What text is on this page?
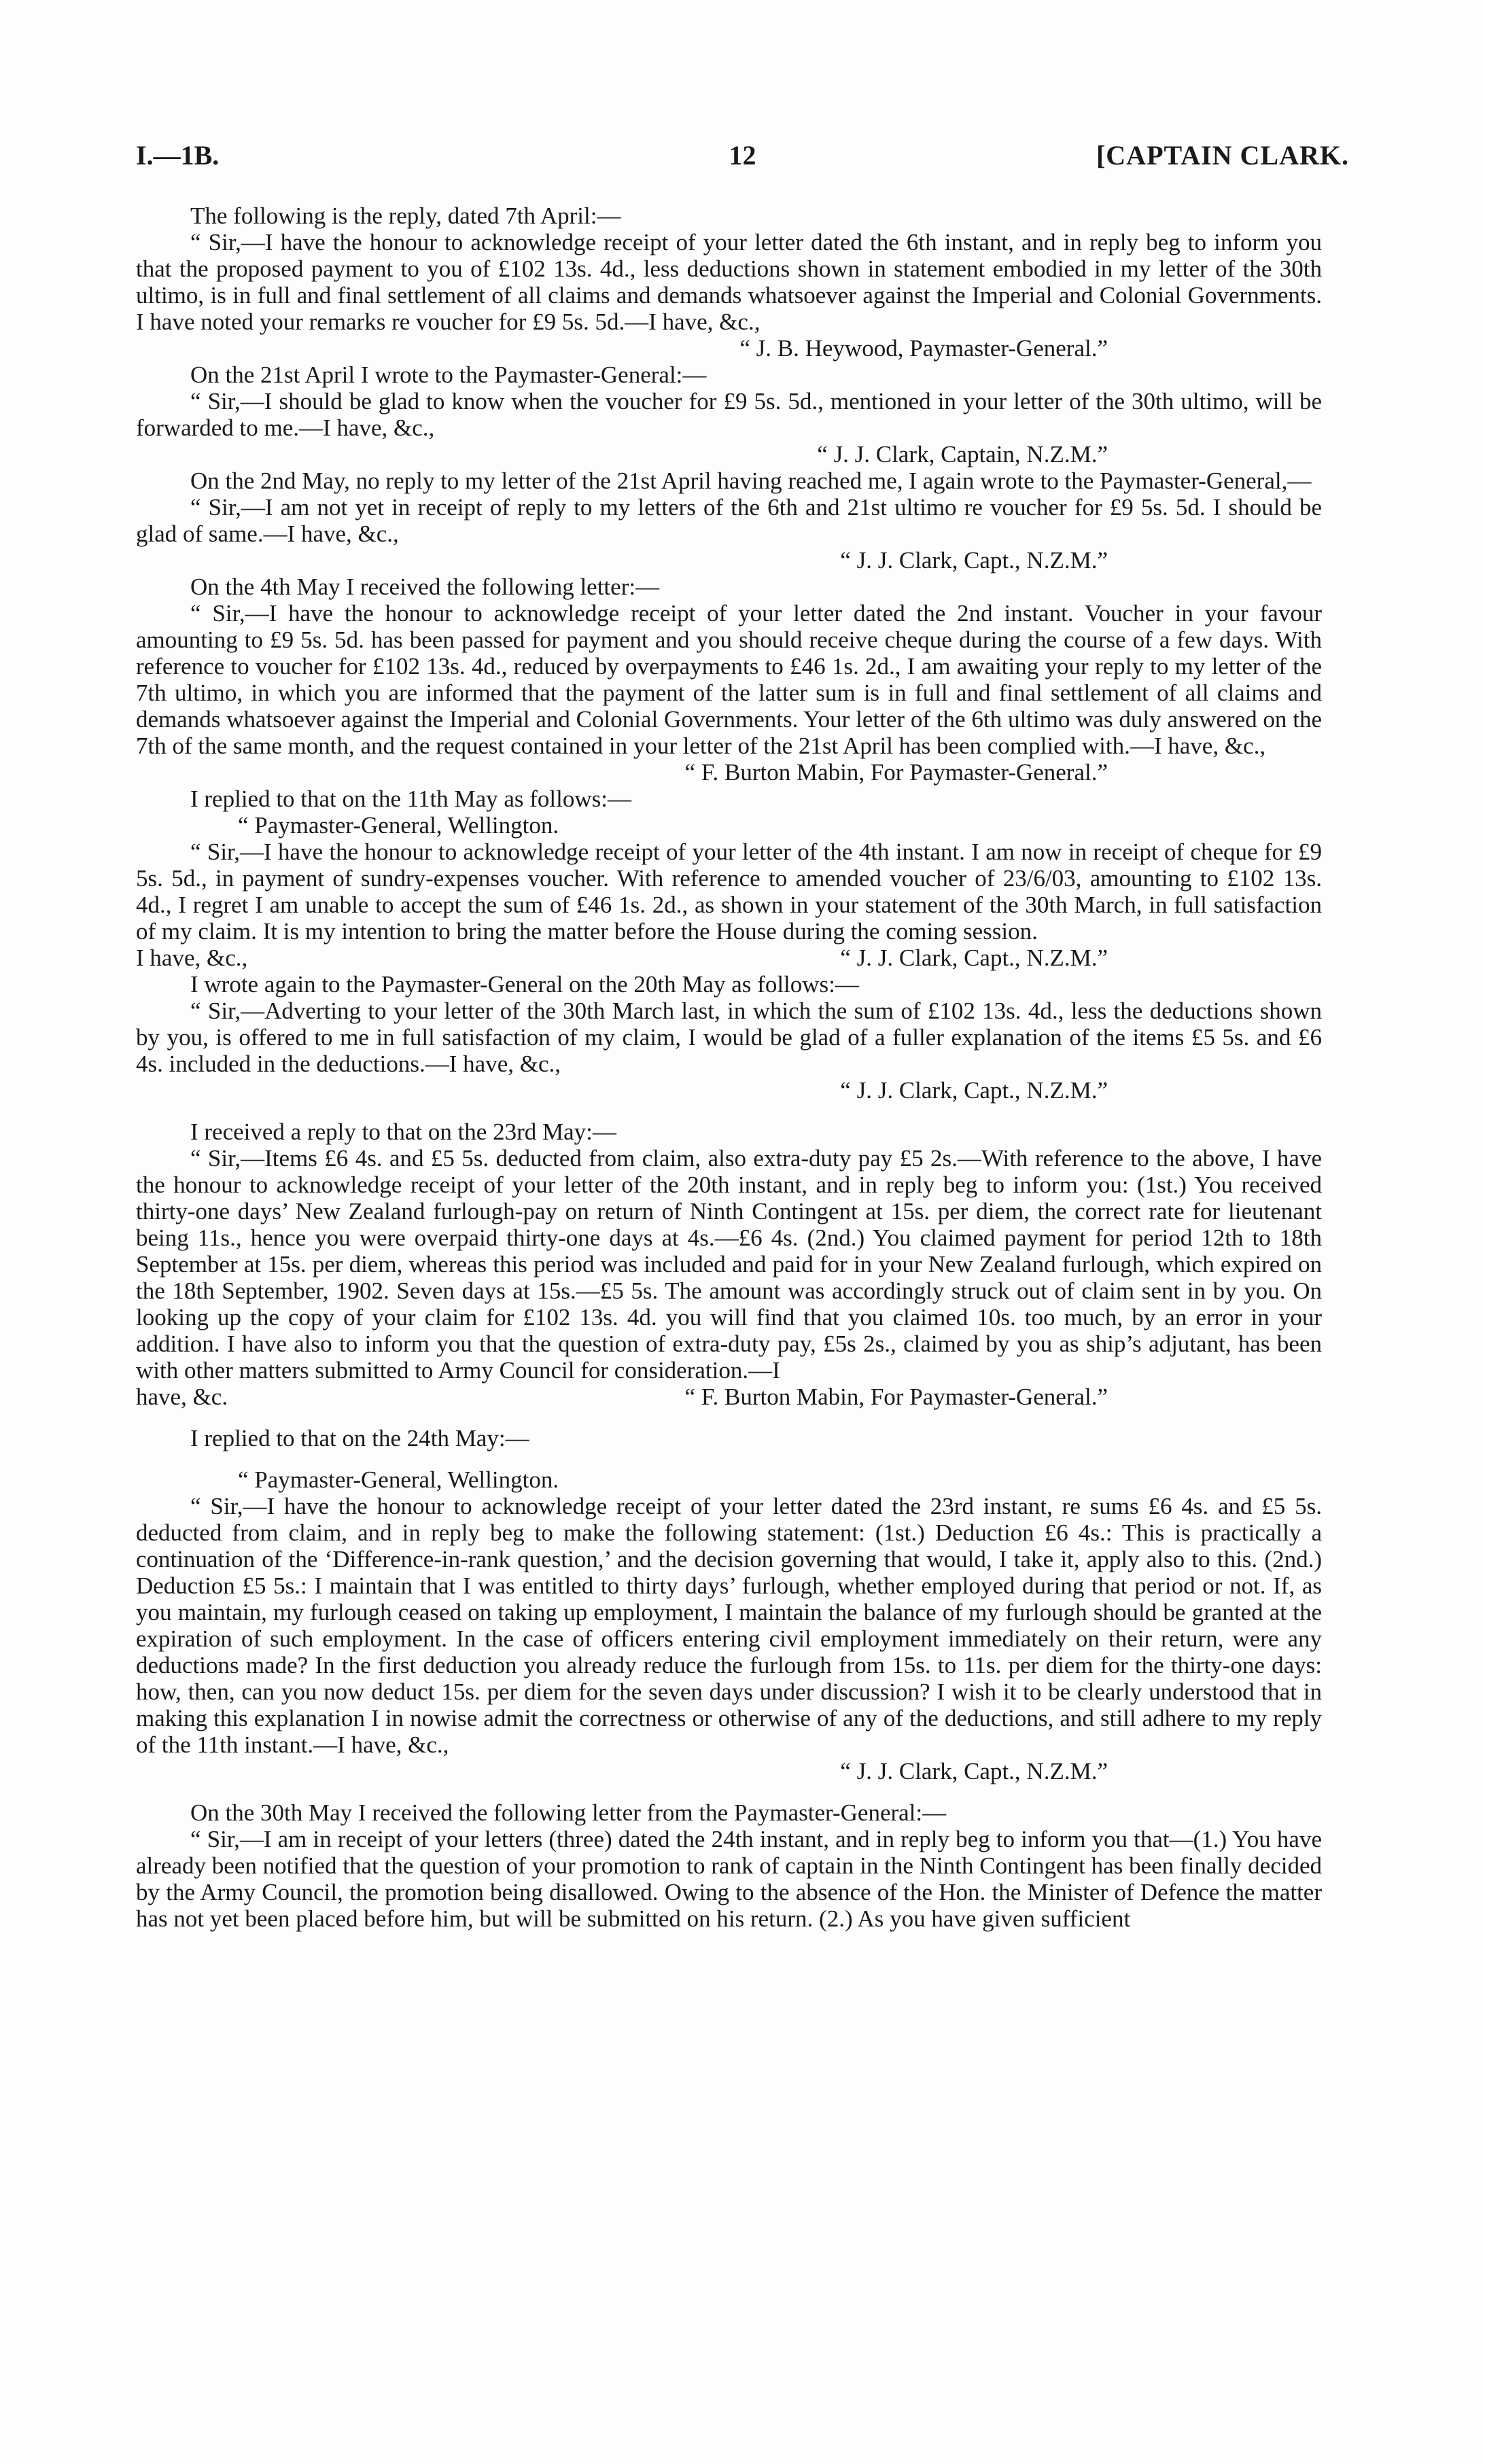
I.—1B.	12	[CAPTAIN CLARK.

The following is the reply, dated 7th April:—

“ Sir,—I have the honour to acknowledge receipt of your letter dated the 6th instant, and in reply beg to inform you that the proposed payment to you of £102 13s. 4d., less deductions shown in statement embodied in my letter of the 30th ultimo, is in full and final settlement of all claims and demands whatsoever against the Imperial and Colonial Governments. I have noted your remarks re voucher for £9 5s. 5d.—I have, &c.,

“ J. B. Heywood, Paymaster-General.”

On the 21st April I wrote to the Paymaster-General:—

“ Sir,—I should be glad to know when the voucher for £9 5s. 5d., mentioned in your letter of the 30th ultimo, will be forwarded to me.—I have, &c.,

“ J. J. Clark, Captain, N.Z.M.”

On the 2nd May, no reply to my letter of the 21st April having reached me, I again wrote to the Paymaster-General,—

“ Sir,—I am not yet in receipt of reply to my letters of the 6th and 21st ultimo re voucher for £9 5s. 5d. I should be glad of same.—I have, &c.,

“ J. J. Clark, Capt., N.Z.M.”

On the 4th May I received the following letter:—

“ Sir,—I have the honour to acknowledge receipt of your letter dated the 2nd instant. Voucher in your favour amounting to £9 5s. 5d. has been passed for payment and you should receive cheque during the course of a few days. With reference to voucher for £102 13s. 4d., reduced by overpayments to £46 1s. 2d., I am awaiting your reply to my letter of the 7th ultimo, in which you are informed that the payment of the latter sum is in full and final settlement of all claims and demands whatsoever against the Imperial and Colonial Governments. Your letter of the 6th ultimo was duly answered on the 7th of the same month, and the request contained in your letter of the 21st April has been complied with.—I have, &c.,

“ F. Burton Mabin, For Paymaster-General.”

I replied to that on the 11th May as follows:—

“ Paymaster-General, Wellington.

“ Sir,—I have the honour to acknowledge receipt of your letter of the 4th instant. I am now in receipt of cheque for £9 5s. 5d., in payment of sundry-expenses voucher. With reference to amended voucher of 23/6/03, amounting to £102 13s. 4d., I regret I am unable to accept the sum of £46 1s. 2d., as shown in your statement of the 30th March, in full satisfaction of my claim. It is my intention to bring the matter before the House during the coming session.

I have, &c.,	“ J. J. Clark, Capt., N.Z.M.”

I wrote again to the Paymaster-General on the 20th May as follows:—

“ Sir,—Adverting to your letter of the 30th March last, in which the sum of £102 13s. 4d., less the deductions shown by you, is offered to me in full satisfaction of my claim, I would be glad of a fuller explanation of the items £5 5s. and £6 4s. included in the deductions.—I have, &c.,

“ J. J. Clark, Capt., N.Z.M.”

I received a reply to that on the 23rd May:—

“ Sir,—Items £6 4s. and £5 5s. deducted from claim, also extra-duty pay £5 2s.—With reference to the above, I have the honour to acknowledge receipt of your letter of the 20th instant, and in reply beg to inform you: (1st.) You received thirty-one days’ New Zealand furlough-pay on return of Ninth Contingent at 15s. per diem, the correct rate for lieutenant being 11s., hence you were overpaid thirty-one days at 4s.—£6 4s. (2nd.) You claimed payment for period 12th to 18th September at 15s. per diem, whereas this period was included and paid for in your New Zealand furlough, which expired on the 18th September, 1902. Seven days at 15s.—£5 5s. The amount was accordingly struck out of claim sent in by you. On looking up the copy of your claim for £102 13s. 4d. you will find that you claimed 10s. too much, by an error in your addition. I have also to inform you that the question of extra-duty pay, £5s 2s., claimed by you as ship’s adjutant, has been with other matters submitted to Army Council for consideration.—I

have, &c.	“ F. Burton Mabin, For Paymaster-General.”

I replied to that on the 24th May:—

“ Paymaster-General, Wellington.

“ Sir,—I have the honour to acknowledge receipt of your letter dated the 23rd instant, re sums £6 4s. and £5 5s. deducted from claim, and in reply beg to make the following statement: (1st.) Deduction £6 4s.: This is practically a continuation of the ‘Difference-in-rank question,’ and the decision governing that would, I take it, apply also to this. (2nd.) Deduction £5 5s.: I maintain that I was entitled to thirty days’ furlough, whether employed during that period or not. If, as you maintain, my furlough ceased on taking up employment, I maintain the balance of my furlough should be granted at the expiration of such employment. In the case of officers entering civil employment immediately on their return, were any deductions made? In the first deduction you already reduce the furlough from 15s. to 11s. per diem for the thirty-one days: how, then, can you now deduct 15s. per diem for the seven days under discussion? I wish it to be clearly understood that in making this explanation I in nowise admit the correctness or otherwise of any of the deductions, and still adhere to my reply of the 11th instant.—I have, &c.,

“ J. J. Clark, Capt., N.Z.M.”

On the 30th May I received the following letter from the Paymaster-General:—

“ Sir,—I am in receipt of your letters (three) dated the 24th instant, and in reply beg to inform you that—(1.) You have already been notified that the question of your promotion to rank of captain in the Ninth Contingent has been finally decided by the Army Council, the promotion being disallowed. Owing to the absence of the Hon. the Minister of Defence the matter has not yet been placed before him, but will be submitted on his return. (2.) As you have given sufficient
